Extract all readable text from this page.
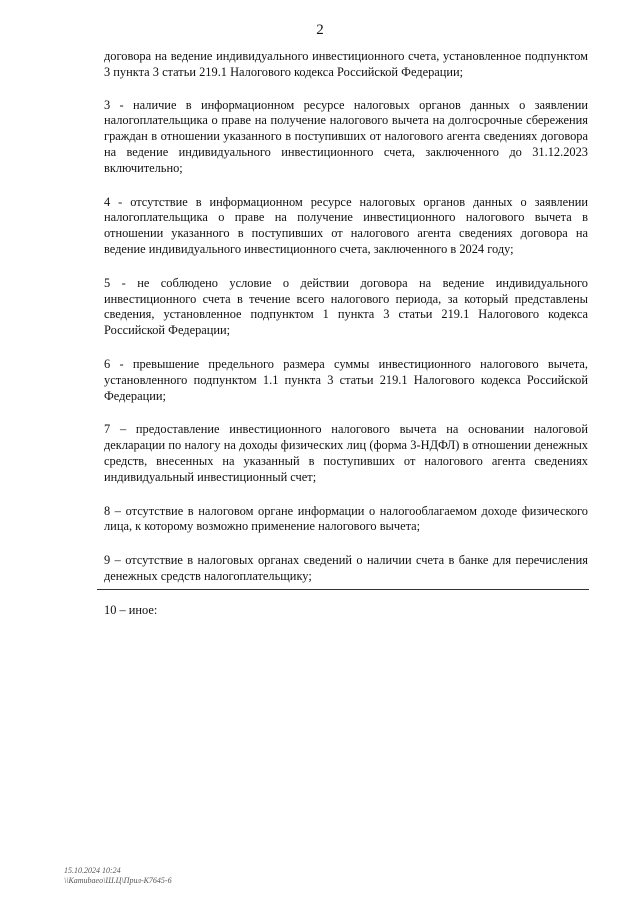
2

договора на ведение индивидуального инвестиционного счета, установленное подпунктом 3 пункта 3 статьи 219.1 Налогового кодекса Российской Федерации;

3 - наличие в информационном ресурсе налоговых органов данных о заявлении налогоплательщика о праве на получение налогового вычета на долгосрочные сбережения граждан в отношении указанного в поступивших от налогового агента сведениях договора на ведение индивидуального инвестиционного счета, заключенного до 31.12.2023 включительно;

4 - отсутствие в информационном ресурсе налоговых органов данных о заявлении налогоплательщика о праве на получение инвестиционного налогового вычета в отношении указанного в поступивших от налогового агента сведениях договора на ведение индивидуального инвестиционного счета, заключенного в 2024 году;

5 - не соблюдено условие о действии договора на ведение индивидуального инвестиционного счета в течение всего налогового периода, за который представлены сведения, установленное подпунктом 1 пункта 3 статьи 219.1 Налогового кодекса Российской Федерации;

6 - превышение предельного размера суммы инвестиционного налогового вычета, установленного подпунктом 1.1 пункта 3 статьи 219.1 Налогового кодекса Российской Федерации;

7 – предоставление инвестиционного налогового вычета на основании налоговой декларации по налогу на доходы физических лиц (форма 3-НДФЛ) в отношении денежных средств, внесенных на указанный в поступивших от налогового агента сведениях индивидуальный инвестиционный счет;

8 – отсутствие в налоговом органе информации о налогооблагаемом доходе физического лица, к которому возможно применение налогового вычета;

9 – отсутствие в налоговых органах сведений о наличии счета в банке для перечисления денежных средств налогоплательщику;

10 – иное:

15.10.2024 10:24
\\Kamubaeo\Ш.Ц\Прил-К7645-6
